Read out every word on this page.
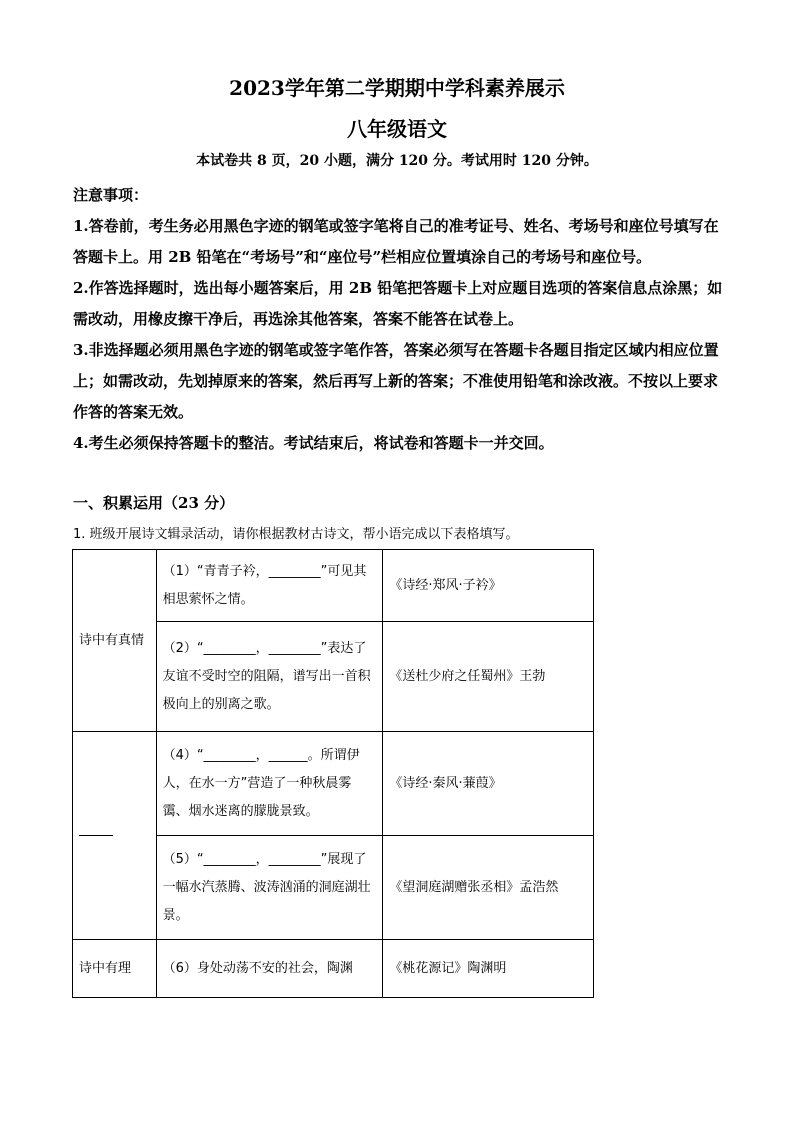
2023学年第二学期期中学科素养展示
八年级语文
本试卷共 8 页，20 小题，满分 120 分。考试用时 120 分钟。

注意事项：

1.答卷前，考生务必用黑色字迹的钢笔或签字笔将自己的准考证号、姓名、考场号和座位号填写在答题卡上。用 2B 铅笔在“考场号”和“座位号”栏相应位置填涂自己的考场号和座位号。

2.作答选择题时，选出每小题答案后，用 2B 铅笔把答题卡上对应题目选项的答案信息点涂黑；如需改动，用橡皮擦干净后，再选涂其他答案，答案不能答在试卷上。

3.非选择题必须用黑色字迹的钢笔或签字笔作答，答案必须写在答题卡各题目指定区域内相应位置上；如需改动，先划掉原来的答案，然后再写上新的答案；不准使用铅笔和涂改液。不按以上要求作答的答案无效。

4.考生必须保持答题卡的整洁。考试结束后，将试卷和答题卡一并交回。

一、积累运用（23 分）
1. 班级开展诗文辑录活动，请你根据教材古诗文，帮小语完成以下表格填写。
诗中有真情	（1）“青青子衿，________”可见其相思萦怀之情。	《诗经·郑风·子衿》
	（2）“________，________”表达了友谊不受时空的阻隔，谱写出一首积极向上的别离之歌。	《送杜少府之任蜀州》王勃
	（4）“________，______。所谓伊人，在水一方”营造了一种秋晨雾霭、烟水迷离的朦胧景致。	《诗经·秦风·蒹葭》
	（5）“________，________”展现了一幅水汽蒸腾、波涛汹涌的洞庭湖壮景。	《望洞庭湖赠张丞相》孟浩然
诗中有理	（6）身处动荡不安的社会，陶渊	《桃花源记》陶渊明
